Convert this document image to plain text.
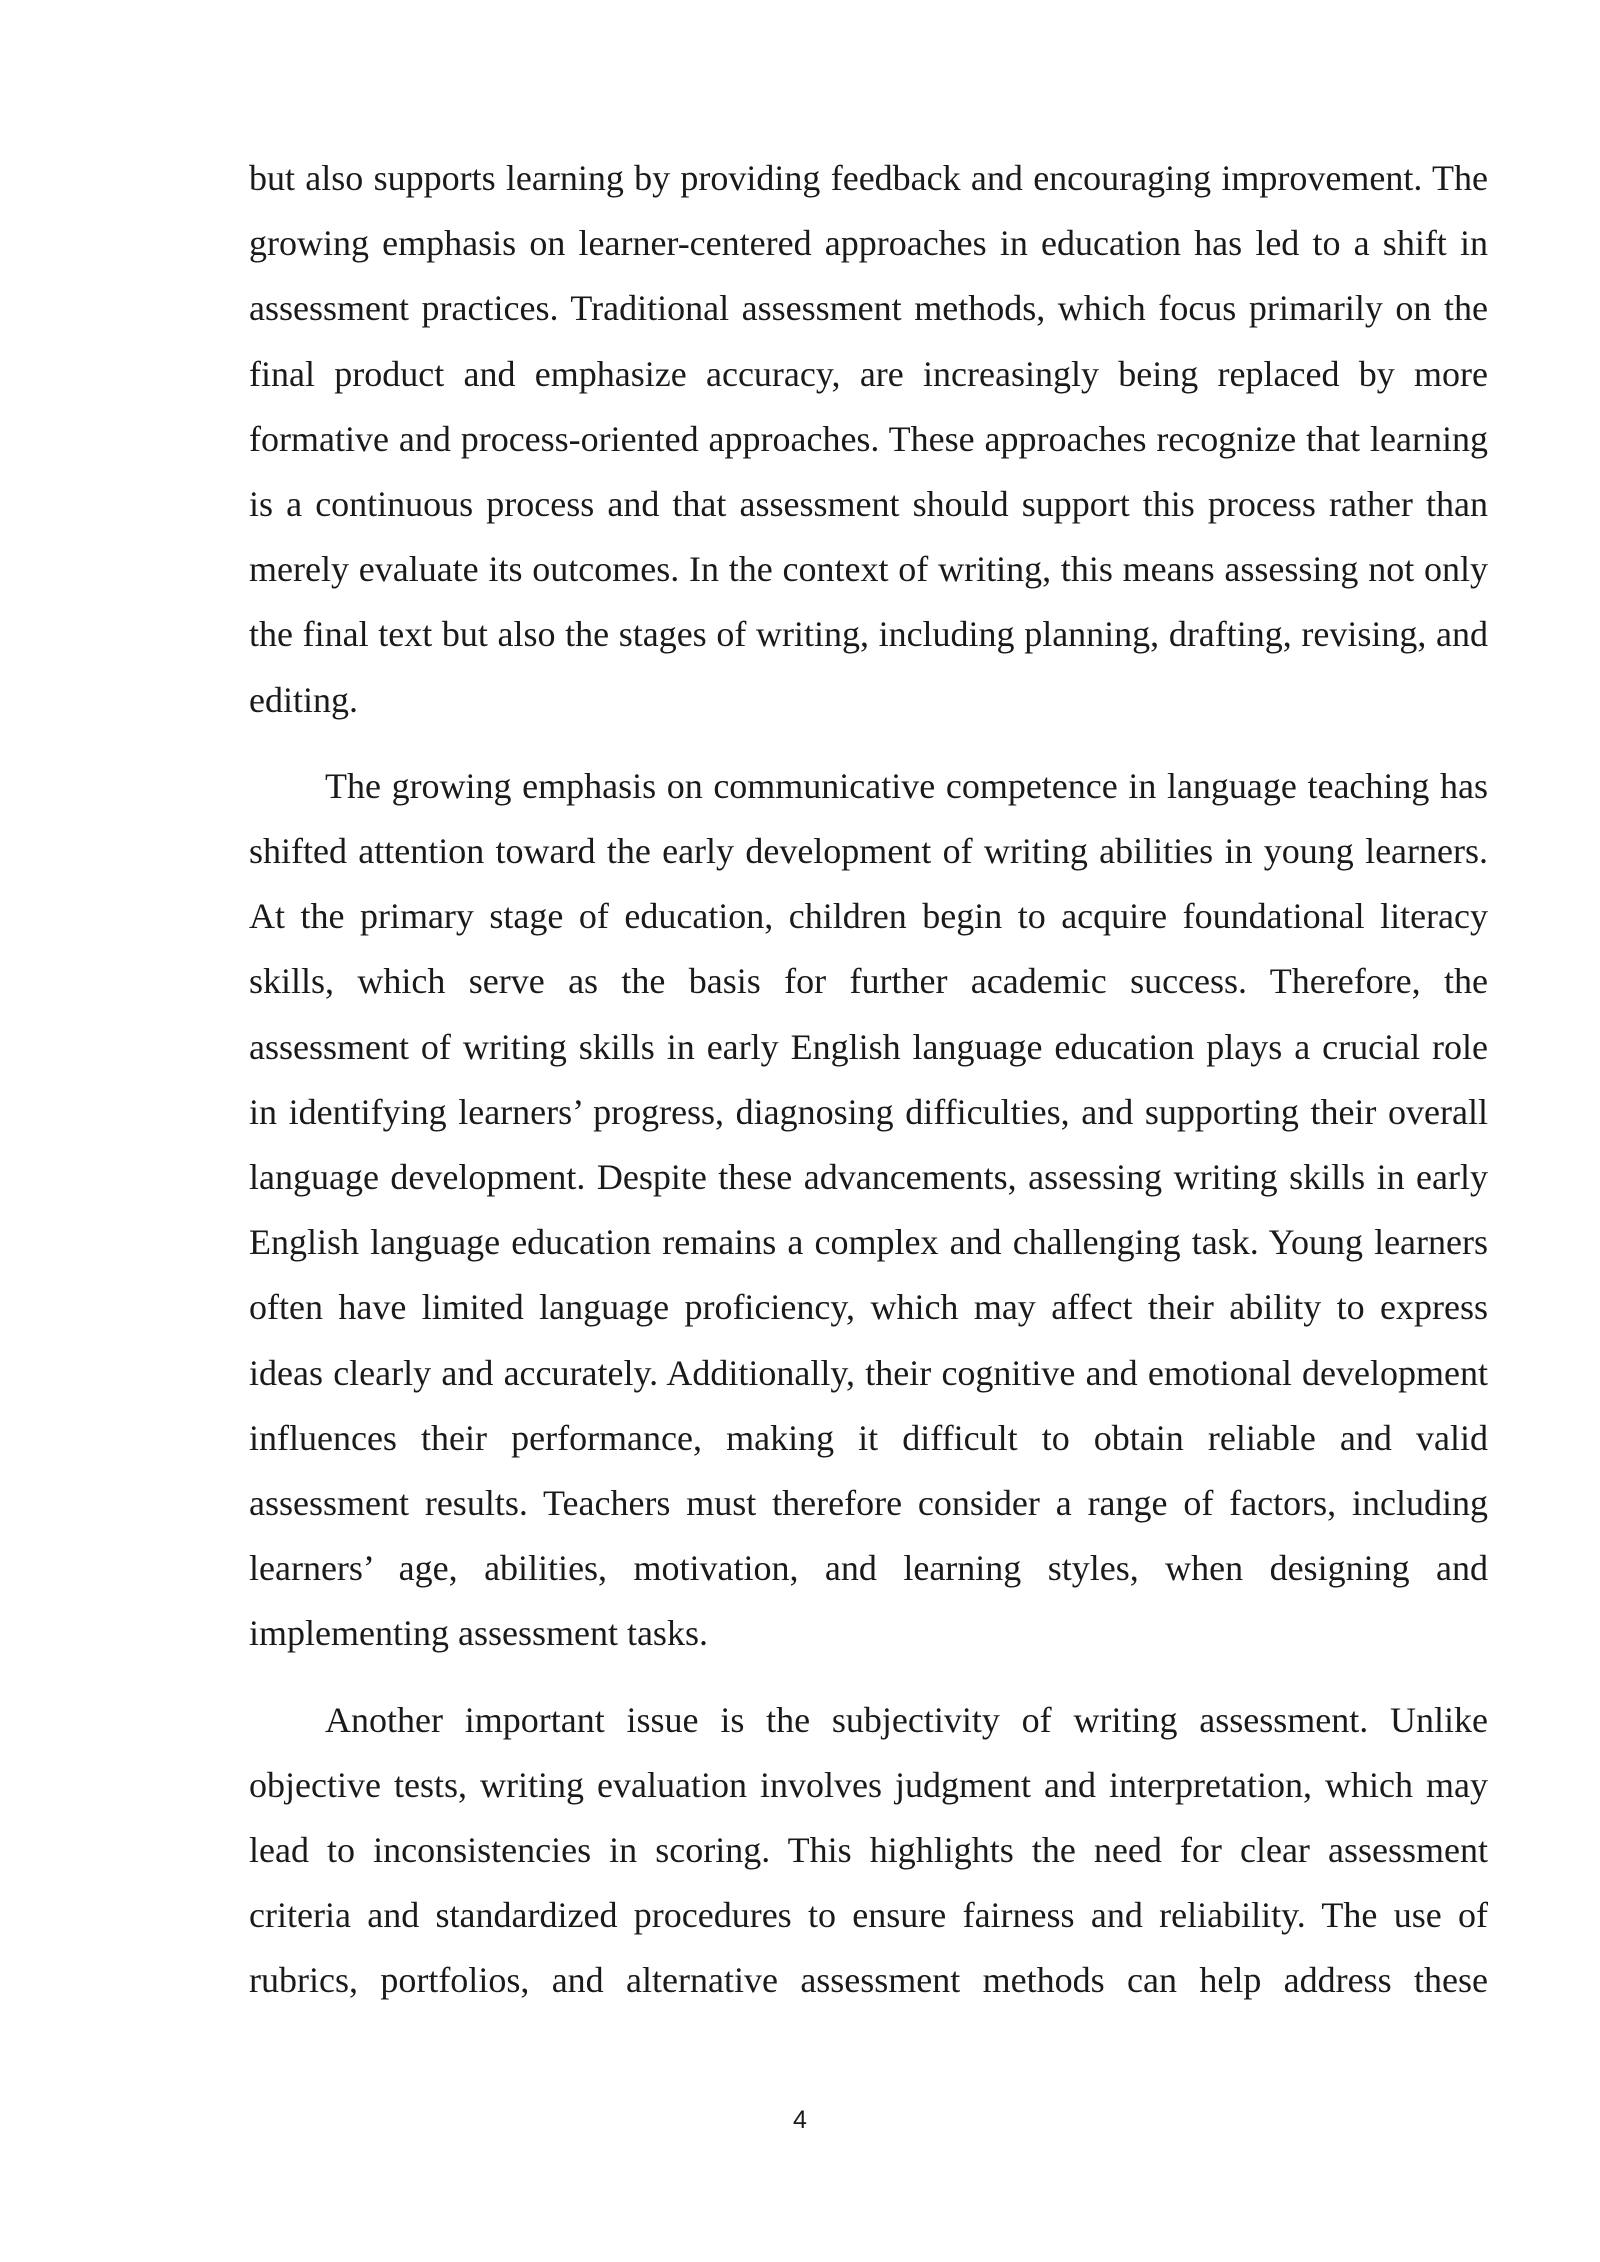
but also supports learning by providing feedback and encouraging improvement. The growing emphasis on learner-centered approaches in education has led to a shift in assessment practices. Traditional assessment methods, which focus primarily on the final product and emphasize accuracy, are increasingly being replaced by more formative and process-oriented approaches. These approaches recognize that learning is a continuous process and that assessment should support this process rather than merely evaluate its outcomes. In the context of writing, this means assessing not only the final text but also the stages of writing, including planning, drafting, revising, and editing.

The growing emphasis on communicative competence in language teaching has shifted attention toward the early development of writing abilities in young learners. At the primary stage of education, children begin to acquire foundational literacy skills, which serve as the basis for further academic success. Therefore, the assessment of writing skills in early English language education plays a crucial role in identifying learners’ progress, diagnosing difficulties, and supporting their overall language development. Despite these advancements, assessing writing skills in early English language education remains a complex and challenging task. Young learners often have limited language proficiency, which may affect their ability to express ideas clearly and accurately. Additionally, their cognitive and emotional development influences their performance, making it difficult to obtain reliable and valid assessment results. Teachers must therefore consider a range of factors, including learners’ age, abilities, motivation, and learning styles, when designing and implementing assessment tasks.

Another important issue is the subjectivity of writing assessment. Unlike objective tests, writing evaluation involves judgment and interpretation, which may lead to inconsistencies in scoring. This highlights the need for clear assessment criteria and standardized procedures to ensure fairness and reliability. The use of rubrics, portfolios, and alternative assessment methods can help address these

4
